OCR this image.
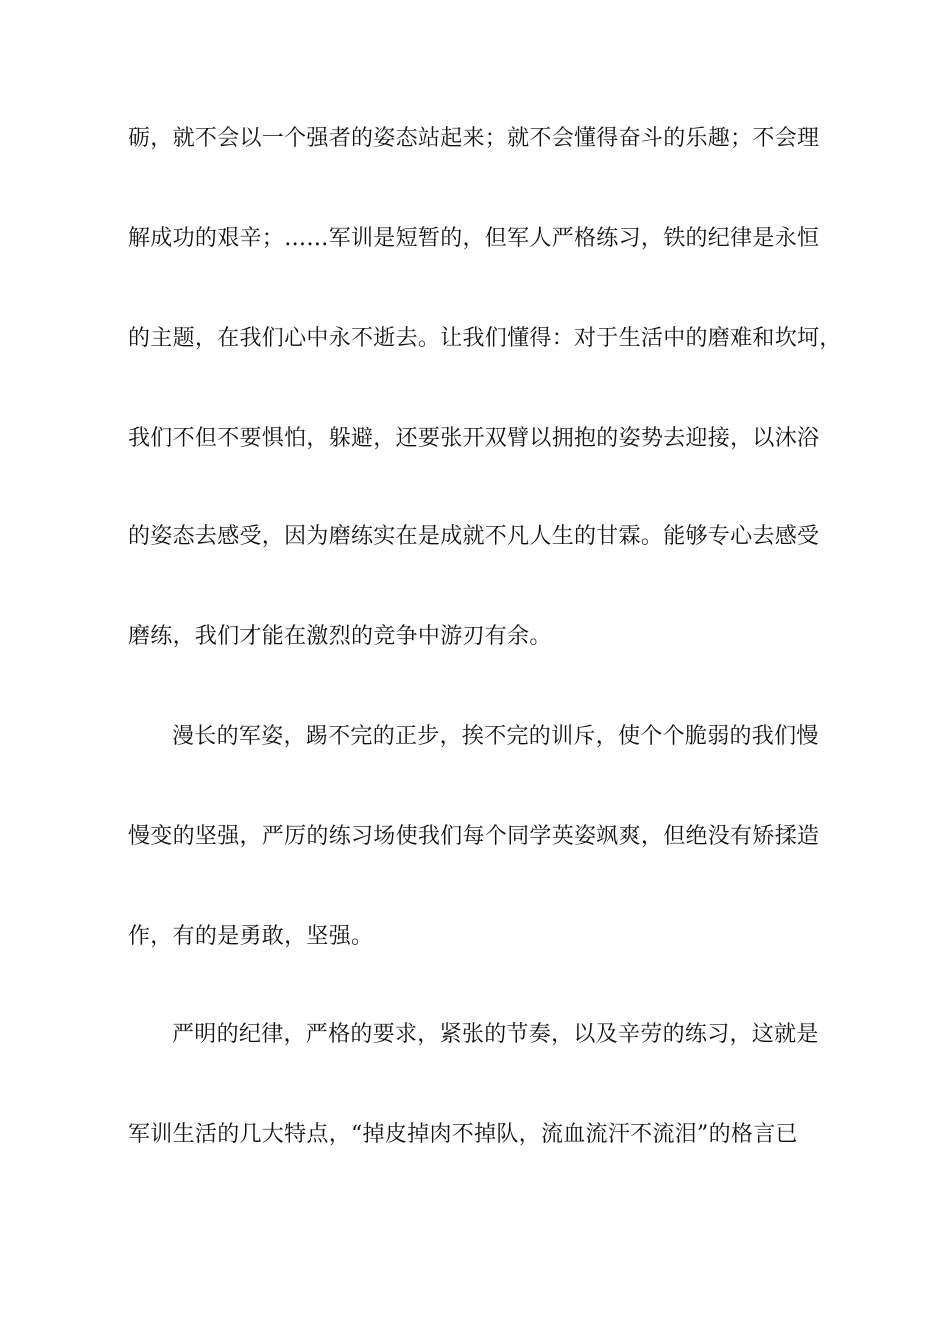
砺，就不会以一个强者的姿态站起来；就不会懂得奋斗的乐趣；不会理
解成功的艰辛；……军训是短暂的，但军人严格练习，铁的纪律是永恒
的主题，在我们心中永不逝去。让我们懂得：对于生活中的磨难和坎坷，
我们不但不要惧怕，躲避，还要张开双臂以拥抱的姿势去迎接，以沐浴
的姿态去感受，因为磨练实在是成就不凡人生的甘霖。能够专心去感受
磨练，我们才能在激烈的竞争中游刃有余。
漫长的军姿，踢不完的正步，挨不完的训斥，使个个脆弱的我们慢
慢变的坚强，严厉的练习场使我们每个同学英姿飒爽，但绝没有矫揉造
作，有的是勇敢，坚强。
严明的纪律，严格的要求，紧张的节奏，以及辛劳的练习，这就是
军训生活的几大特点，“掉皮掉肉不掉队，流血流汗不流泪”的格言已
